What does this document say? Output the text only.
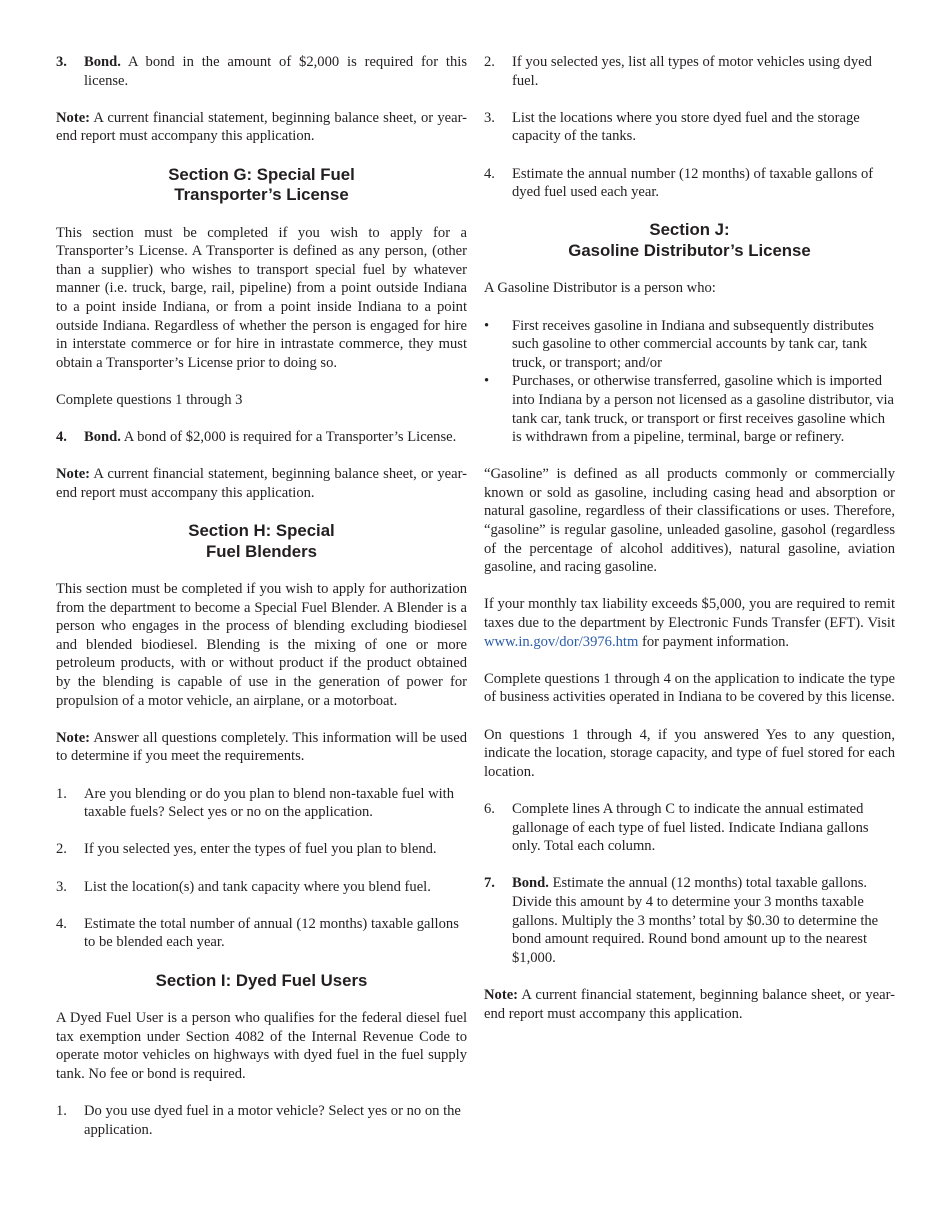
3.	Bond. A bond in the amount of $2,000 is required for this license.

Note: A current financial statement, beginning balance sheet, or year-end report must accompany this application.

Section G: Special Fuel
Transporter’s License

This section must be completed if you wish to apply for a Transporter’s License. A Transporter is defined as any person, (other than a supplier) who wishes to transport special fuel by whatever manner (i.e. truck, barge, rail, pipeline) from a point outside Indiana to a point inside Indiana, or from a point inside Indiana to a point outside Indiana. Regardless of whether the person is engaged for hire in interstate commerce or for hire in intrastate commerce, they must obtain a Transporter’s License prior to doing so.

Complete questions 1 through 3

4.	Bond. A bond of $2,000 is required for a Transporter’s License.

Note: A current financial statement, beginning balance sheet, or year-end report must accompany this application.

Section H: Special
Fuel Blenders

This section must be completed if you wish to apply for authorization from the department to become a Special Fuel Blender. A Blender is a person who engages in the process of blending excluding biodiesel and blended biodiesel. Blending is the mixing of one or more petroleum products, with or without product if the product obtained by the blending is capable of use in the generation of power for propulsion of a motor vehicle, an airplane, or a motorboat.

Note: Answer all questions completely. This information will be used to determine if you meet the requirements.

1.	Are you blending or do you plan to blend non-taxable fuel with taxable fuels? Select yes or no on the application.
2.	If you selected yes, enter the types of fuel you plan to blend.
3.	List the location(s) and tank capacity where you blend fuel.
4.	Estimate the total number of annual (12 months) taxable gallons to be blended each year.
Section I: Dyed Fuel Users

A Dyed Fuel User is a person who qualifies for the federal diesel fuel tax exemption under Section 4082 of the Internal Revenue Code to operate motor vehicles on highways with dyed fuel in the fuel supply tank. No fee or bond is required.

1.	Do you use dyed fuel in a motor vehicle? Select yes or no on the application.
2.	If you selected yes, list all types of motor vehicles using dyed fuel.
3.	List the locations where you store dyed fuel and the storage capacity of the tanks.
4.	Estimate the annual number (12 months) of taxable gallons of dyed fuel used each year.
Section J:
Gasoline Distributor’s License

A Gasoline Distributor is a person who:

•	First receives gasoline in Indiana and subsequently distributes such gasoline to other commercial accounts by tank car, tank truck, or transport; and/or
•	Purchases, or otherwise transferred, gasoline which is imported into Indiana by a person not licensed as a gasoline distributor, via tank car, tank truck, or transport or first receives gasoline which is withdrawn from a pipeline, terminal, barge or refinery.

“Gasoline” is defined as all products commonly or commercially known or sold as gasoline, including casing head and absorption or natural gasoline, regardless of their classifications or uses. Therefore, “gasoline” is regular gasoline, unleaded gasoline, gasohol (regardless of the percentage of alcohol additives), natural gasoline, aviation gasoline, and racing gasoline.

If your monthly tax liability exceeds $5,000, you are required to remit taxes due to the department by Electronic Funds Transfer (EFT). Visit www.in.gov/dor/3976.htm for payment information.

Complete questions 1 through 4 on the application to indicate the type of business activities operated in Indiana to be covered by this license.

On questions 1 through 4, if you answered Yes to any question, indicate the location, storage capacity, and type of fuel stored for each location.

6.	Complete lines A through C to indicate the annual estimated gallonage of each type of fuel listed. Indicate Indiana gallons only. Total each column.
7.	Bond. Estimate the annual (12 months) total taxable gallons. Divide this amount by 4 to determine your 3 months taxable gallons. Multiply the 3 months’ total by $0.30 to determine the bond amount required. Round bond amount up to the nearest $1,000.

Note: A current financial statement, beginning balance sheet, or year-end report must accompany this application.
